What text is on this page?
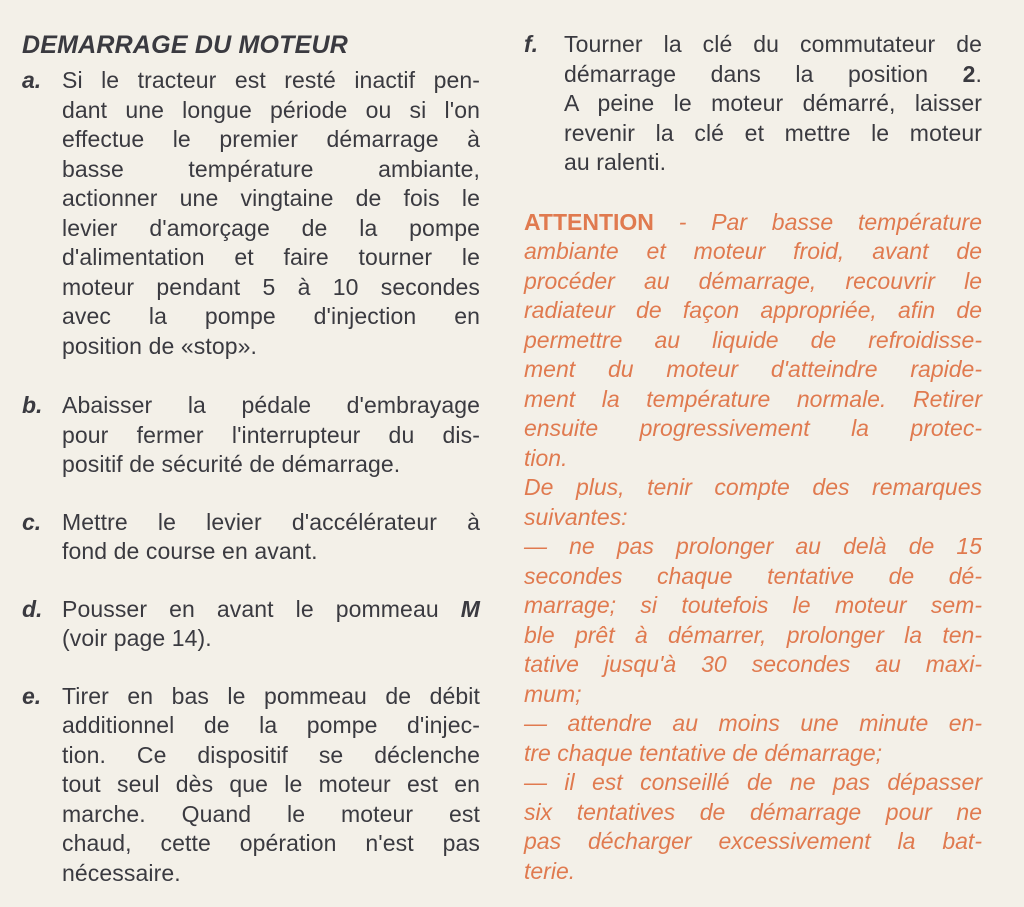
DEMARRAGE DU MOTEUR
a. Si le tracteur est resté inactif pen-
dant une longue période ou si l'on
effectue le premier démarrage à
basse température ambiante,
actionner une vingtaine de fois le
levier d'amorçage de la pompe
d'alimentation et faire tourner le
moteur pendant 5 à 10 secondes
avec la pompe d'injection en
position de «stop».
b. Abaisser la pédale d'embrayage
pour fermer l'interrupteur du dis-
positif de sécurité de démarrage.
c. Mettre le levier d'accélérateur à
fond de course en avant.
d. Pousser en avant le pommeau M
(voir page 14).
e. Tirer en bas le pommeau de débit
additionnel de la pompe d'injec-
tion. Ce dispositif se déclenche
tout seul dès que le moteur est en
marche. Quand le moteur est
chaud, cette opération n'est pas
nécessaire.
f. Tourner la clé du commutateur de
démarrage dans la position 2.
A peine le moteur démarré, laisser
revenir la clé et mettre le moteur
au ralenti.
ATTENTION - Par basse température
ambiante et moteur froid, avant de
procéder au démarrage, recouvrir le
radiateur de façon appropriée, afin de
permettre au liquide de refroidisse-
ment du moteur d'atteindre rapide-
ment la température normale. Retirer
ensuite progressivement la protec-
tion.
De plus, tenir compte des remarques
suivantes:
— ne pas prolonger au delà de 15
secondes chaque tentative de dé-
marrage; si toutefois le moteur sem-
ble prêt à démarrer, prolonger la ten-
tative jusqu'à 30 secondes au maxi-
mum;
— attendre au moins une minute en-
tre chaque tentative de démarrage;
— il est conseillé de ne pas dépasser
six tentatives de démarrage pour ne
pas décharger excessivement la bat-
terie.
